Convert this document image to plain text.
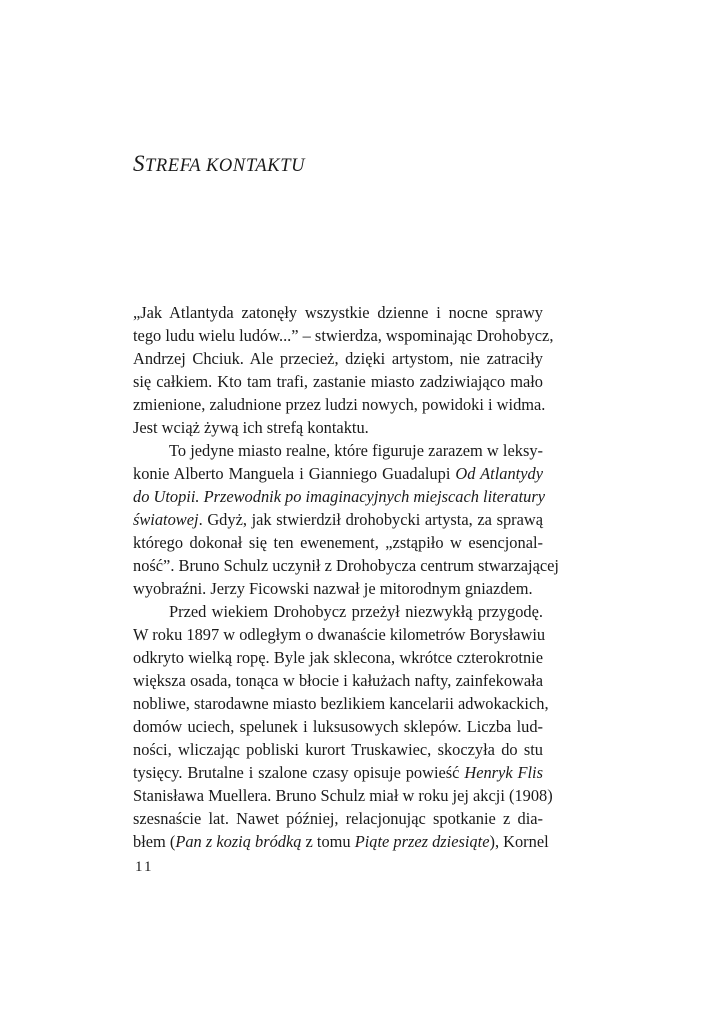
STREFA KONTAKTU
„Jak Atlantyda zatonęły wszystkie dzienne i nocne sprawy
tego ludu wielu ludów...” – stwierdza, wspominając Drohobycz,
Andrzej Chciuk. Ale przecież, dzięki artystom, nie zatraciły
się całkiem. Kto tam trafi, zastanie miasto zadziwiająco mało
zmienione, zaludnione przez ludzi nowych, powidoki i widma.
Jest wciąż żywą ich strefą kontaktu.
To jedyne miasto realne, które figuruje zarazem w leksy-
konie Alberto Manguela i Gianniego Guadalupi Od Atlantydy
do Utopii. Przewodnik po imaginacyjnych miejscach literatury
światowej. Gdyż, jak stwierdził drohobycki artysta, za sprawą
którego dokonał się ten ewenement, „zstąpiło w esencjonal-
ność”. Bruno Schulz uczynił z Drohobycza centrum stwarzającej
wyobraźni. Jerzy Ficowski nazwał je mitorodnym gniazdem.
Przed wiekiem Drohobycz przeżył niezwykłą przygodę.
W roku 1897 w odległym o dwanaście kilometrów Borysławiu
odkryto wielką ropę. Byle jak sklecona, wkrótce czterokrotnie
większa osada, tonąca w błocie i kałużach nafty, zainfekowała
nobliwe, starodawne miasto bezlikiem kancelarii adwokackich,
domów uciech, spelunek i luksusowych sklepów. Liczba lud-
ności, wliczając pobliski kurort Truskawiec, skoczyła do stu
tysięcy. Brutalne i szalone czasy opisuje powieść Henryk Flis
Stanisława Muellera. Bruno Schulz miał w roku jej akcji (1908)
szesnaście lat. Nawet później, relacjonując spotkanie z dia-
błem (Pan z kozią bródką z tomu Piąte przez dziesiąte), Kornel

11
